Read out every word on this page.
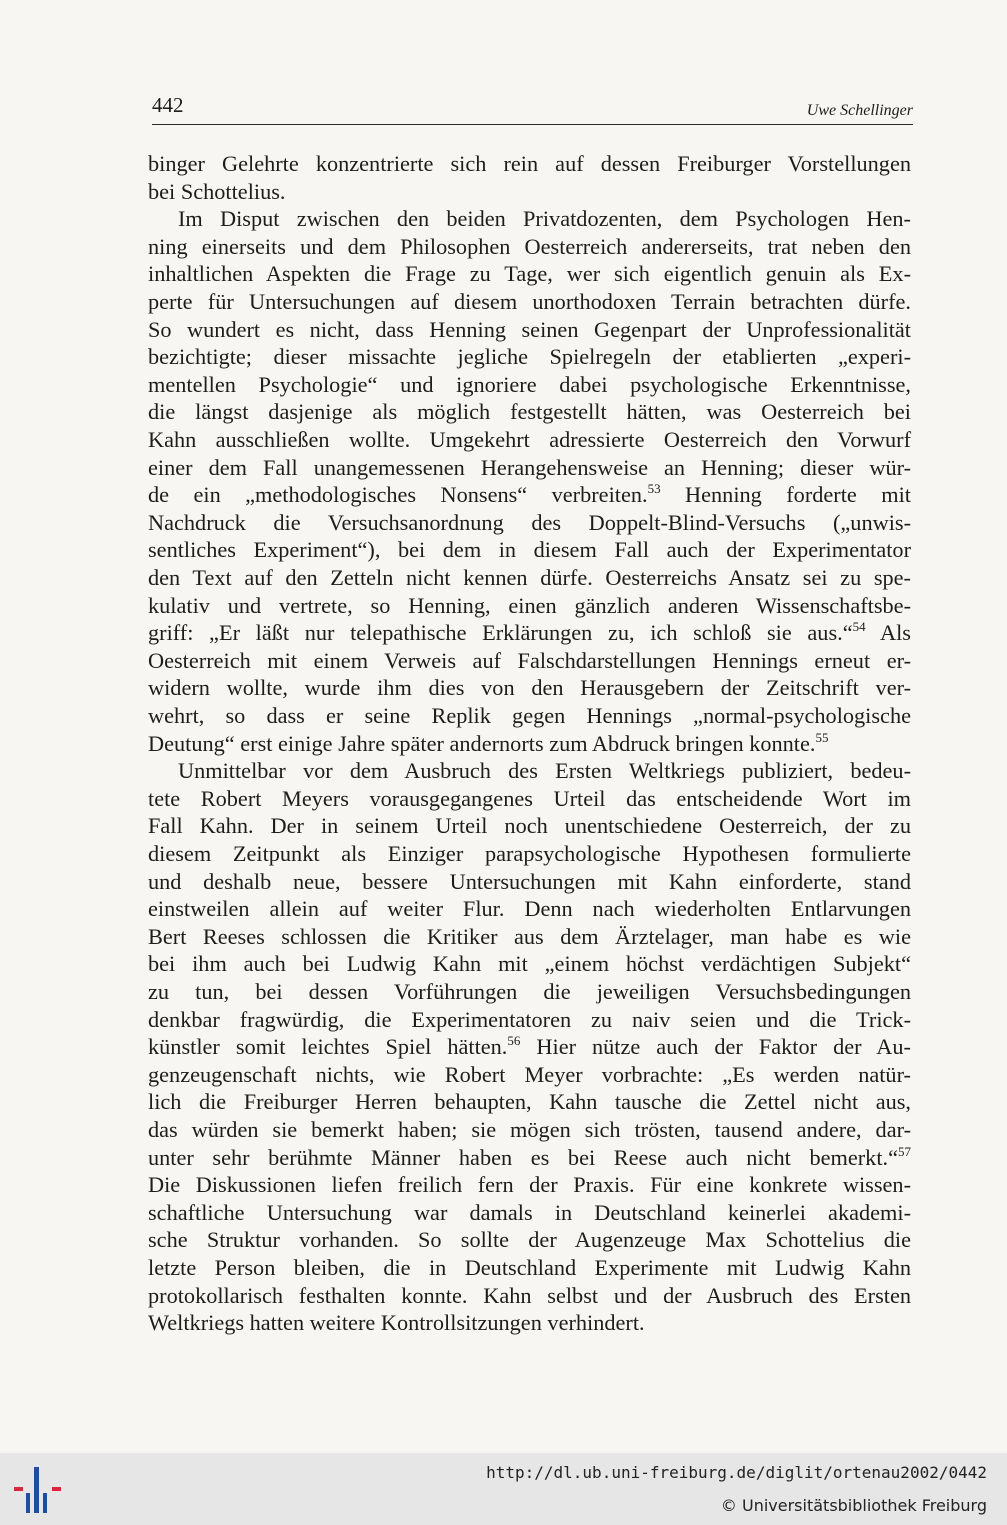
442	Uwe Schellinger
binger Gelehrte konzentrierte sich rein auf dessen Freiburger Vorstellungen
bei Schottelius.
Im Disput zwischen den beiden Privatdozenten, dem Psychologen Hen-
ning einerseits und dem Philosophen Oesterreich andererseits, trat neben den
inhaltlichen Aspekten die Frage zu Tage, wer sich eigentlich genuin als Ex-
perte für Untersuchungen auf diesem unorthodoxen Terrain betrachten dürfe.
So wundert es nicht, dass Henning seinen Gegenpart der Unprofessionalität
bezichtigte; dieser missachte jegliche Spielregeln der etablierten „experi-
mentellen Psychologie“ und ignoriere dabei psychologische Erkenntnisse,
die längst dasjenige als möglich festgestellt hätten, was Oesterreich bei
Kahn ausschließen wollte. Umgekehrt adressierte Oesterreich den Vorwurf
einer dem Fall unangemessenen Herangehensweise an Henning; dieser wür-
de ein „methodologisches Nonsens“ verbreiten.$^{53}$ Henning forderte mit
Nachdruck die Versuchsanordnung des Doppelt-Blind-Versuchs („unwis-
sentliches Experiment“), bei dem in diesem Fall auch der Experimentator
den Text auf den Zetteln nicht kennen dürfe. Oesterreichs Ansatz sei zu spe-
kulativ und vertrete, so Henning, einen gänzlich anderen Wissenschaftsbe-
griff: „Er läßt nur telepathische Erklärungen zu, ich schloß sie aus.“$^{54}$ Als
Oesterreich mit einem Verweis auf Falschdarstellungen Hennings erneut er-
widern wollte, wurde ihm dies von den Herausgebern der Zeitschrift ver-
wehrt, so dass er seine Replik gegen Hennings „normal-psychologische
Deutung“ erst einige Jahre später andernorts zum Abdruck bringen konnte.$^{55}$
Unmittelbar vor dem Ausbruch des Ersten Weltkriegs publiziert, bedeu-
tete Robert Meyers vorausgegangenes Urteil das entscheidende Wort im
Fall Kahn. Der in seinem Urteil noch unentschiedene Oesterreich, der zu
diesem Zeitpunkt als Einziger parapsychologische Hypothesen formulierte
und deshalb neue, bessere Untersuchungen mit Kahn einforderte, stand
einstweilen allein auf weiter Flur. Denn nach wiederholten Entlarvungen
Bert Reeses schlossen die Kritiker aus dem Ärztelager, man habe es wie
bei ihm auch bei Ludwig Kahn mit „einem höchst verdächtigen Subjekt“
zu tun, bei dessen Vorführungen die jeweiligen Versuchsbedingungen
denkbar fragwürdig, die Experimentatoren zu naiv seien und die Trick-
künstler somit leichtes Spiel hätten.$^{56}$ Hier nütze auch der Faktor der Au-
genzeugenschaft nichts, wie Robert Meyer vorbrachte: „Es werden natür-
lich die Freiburger Herren behaupten, Kahn tausche die Zettel nicht aus,
das würden sie bemerkt haben; sie mögen sich trösten, tausend andere, dar-
unter sehr berühmte Männer haben es bei Reese auch nicht bemerkt.“$^{57}$
Die Diskussionen liefen freilich fern der Praxis. Für eine konkrete wissen-
schaftliche Untersuchung war damals in Deutschland keinerlei akademi-
sche Struktur vorhanden. So sollte der Augenzeuge Max Schottelius die
letzte Person bleiben, die in Deutschland Experimente mit Ludwig Kahn
protokollarisch festhalten konnte. Kahn selbst und der Ausbruch des Ersten
Weltkriegs hatten weitere Kontrollsitzungen verhindert.
http://dl.ub.uni-freiburg.de/diglit/ortenau2002/0442
© Universitätsbibliothek Freiburg
